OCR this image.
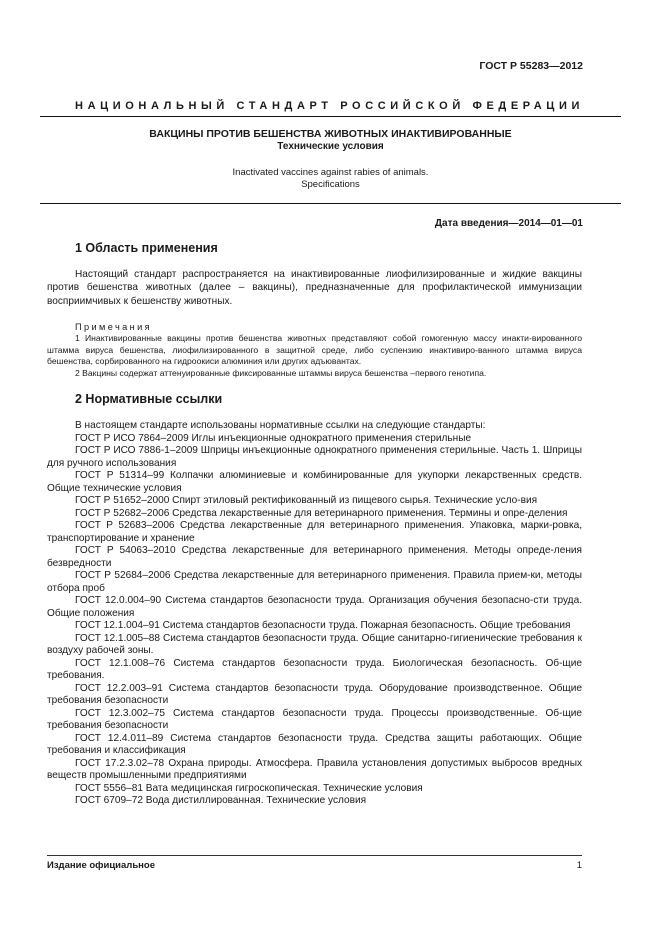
ГОСТ Р 55283—2012
НАЦИОНАЛЬНЫЙ СТАНДАРТ РОССИЙСКОЙ ФЕДЕРАЦИИ
ВАКЦИНЫ ПРОТИВ БЕШЕНСТВА ЖИВОТНЫХ ИНАКТИВИРОВАННЫЕ
Технические условия
Inactivated vaccines against rabies of animals.
Specifications
Дата введения—2014—01—01
1 Область применения

Настоящий стандарт распространяется на инактивированные лиофилизированные и жидкие вакцины против бешенства животных (далее – вакцины), предназначенные для профилактической иммунизации восприимчивых к бешенству животных.

Примечания

1 Инактивированные вакцины против бешенства животных представляют собой гомогенную массу инакти-вированного штамма вируса бешенства, лиофилизированного в защитной среде, либо суспензию инактивиро-ванного штамма вируса бешенства, сорбированного на гидроокиси алюминия или других адъювантах.

2 Вакцины содержат аттенуированные фиксированные штаммы вируса бешенства –первого генотипа.

2 Нормативные ссылки

В настоящем стандарте использованы нормативные ссылки на следующие стандарты:

ГОСТ Р ИСО 7864–2009 Иглы инъекционные однократного применения стерильные

ГОСТ Р ИСО 7886-1–2009 Шприцы инъекционные однократного применения стерильные. Часть 1. Шприцы для ручного использования

ГОСТ Р 51314–99 Колпачки алюминиевые и комбинированные для укупорки лекарственных средств. Общие технические условия

ГОСТ Р 51652–2000 Спирт этиловый ректификованный из пищевого сырья. Технические усло-вия

ГОСТ Р 52682–2006 Средства лекарственные для ветеринарного применения. Термины и опре-деления

ГОСТ Р 52683–2006 Средства лекарственные для ветеринарного применения. Упаковка, марки-ровка, транспортирование и хранение

ГОСТ Р 54063–2010 Средства лекарственные для ветеринарного применения. Методы опреде-ления безвредности

ГОСТ Р 52684–2006 Средства лекарственные для ветеринарного применения. Правила прием-ки, методы отбора проб

ГОСТ 12.0.004–90 Система стандартов безопасности труда. Организация обучения безопасно-сти труда. Общие положения

ГОСТ 12.1.004–91 Система стандартов безопасности труда. Пожарная безопасность. Общие требования

ГОСТ 12.1.005–88 Система стандартов безопасности труда. Общие санитарно-гигиенические требования к воздуху рабочей зоны.

ГОСТ 12.1.008–76 Система стандартов безопасности труда. Биологическая безопасность. Об-щие требования.

ГОСТ 12.2.003–91 Система стандартов безопасности труда. Оборудование производственное. Общие требования безопасности

ГОСТ 12.3.002–75 Система стандартов безопасности труда. Процессы производственные. Об-щие требования безопасности

ГОСТ 12.4.011–89 Система стандартов безопасности труда. Средства защиты работающих. Общие требования и классификация

ГОСТ 17.2.3.02–78 Охрана природы. Атмосфера. Правила установления допустимых выбросов вредных веществ промышленными предприятиями

ГОСТ 5556–81 Вата медицинская гигроскопическая. Технические условия

ГОСТ 6709–72 Вода дистиллированная. Технические условия

Издание официальное	1
